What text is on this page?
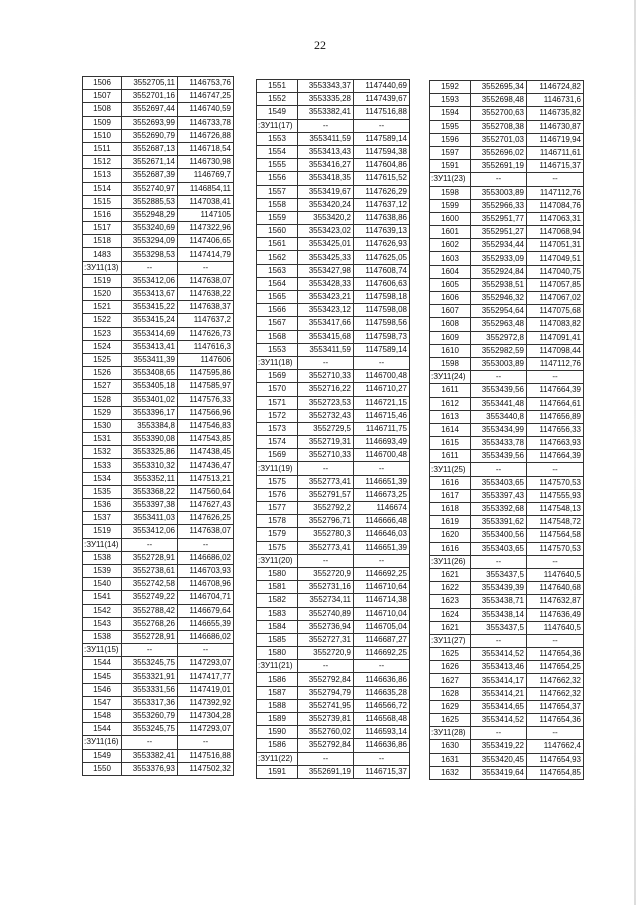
22
1506	3552705,11	1146753,76
1507	3552701,16	1146747,25
1508	3552697,44	1146740,59
1509	3552693,99	1146733,78
1510	3552690,79	1146726,88
1511	3552687,13	1146718,54
1512	3552671,14	1146730,98
1513	3552687,39	1146769,7
1514	3552740,97	1146854,11
1515	3552885,53	1147038,41
1516	3552948,29	1147105
1517	3553240,69	1147322,96
1518	3553294,09	1147406,65
1483	3553298,53	1147414,79
:ЗУ11(13)	--	--
1519	3553412,06	1147638,07
1520	3553413,67	1147638,22
1521	3553415,22	1147638,37
1522	3553415,24	1147637,2
1523	3553414,69	1147626,73
1524	3553413,41	1147616,3
1525	3553411,39	1147606
1526	3553408,65	1147595,86
1527	3553405,18	1147585,97
1528	3553401,02	1147576,33
1529	3553396,17	1147566,96
1530	3553384,8	1147546,83
1531	3553390,08	1147543,85
1532	3553325,86	1147438,45
1533	3553310,32	1147436,47
1534	3553352,11	1147513,21
1535	3553368,22	1147560,64
1536	3553397,38	1147627,43
1537	3553411,03	1147626,25
1519	3553412,06	1147638,07
:ЗУ11(14)	--	--
1538	3552728,91	1146686,02
1539	3552738,61	1146703,93
1540	3552742,58	1146708,96
1541	3552749,22	1146704,71
1542	3552788,42	1146679,64
1543	3552768,26	1146655,39
1538	3552728,91	1146686,02
:ЗУ11(15)	--	--
1544	3553245,75	1147293,07
1545	3553321,91	1147417,77
1546	3553331,56	1147419,01
1547	3553317,36	1147392,92
1548	3553260,79	1147304,28
1544	3553245,75	1147293,07
:ЗУ11(16)	--	--
1549	3553382,41	1147516,88
1550	3553376,93	1147502,32
1551	3553343,37	1147440,69
1552	3553335,28	1147439,67
1549	3553382,41	1147516,88
:ЗУ11(17)	--	--
1553	3553411,59	1147589,14
1554	3553413,43	1147594,38
1555	3553416,27	1147604,86
1556	3553418,35	1147615,52
1557	3553419,67	1147626,29
1558	3553420,24	1147637,12
1559	3553420,2	1147638,86
1560	3553423,02	1147639,13
1561	3553425,01	1147626,93
1562	3553425,33	1147625,05
1563	3553427,98	1147608,74
1564	3553428,33	1147606,63
1565	3553423,21	1147598,18
1566	3553423,12	1147598,08
1567	3553417,66	1147598,56
1568	3553415,68	1147598,73
1553	3553411,59	1147589,14
:ЗУ11(18)	--	--
1569	3552710,33	1146700,48
1570	3552716,22	1146710,27
1571	3552723,53	1146721,15
1572	3552732,43	1146715,46
1573	3552729,5	1146711,75
1574	3552719,31	1146693,49
1569	3552710,33	1146700,48
:ЗУ11(19)	--	--
1575	3552773,41	1146651,39
1576	3552791,57	1146673,25
1577	3552792,2	1146674
1578	3552796,71	1146666,48
1579	3552780,3	1146646,03
1575	3552773,41	1146651,39
:ЗУ11(20)	--	--
1580	3552720,9	1146692,25
1581	3552731,16	1146710,64
1582	3552734,11	1146714,38
1583	3552740,89	1146710,04
1584	3552736,94	1146705,04
1585	3552727,31	1146687,27
1580	3552720,9	1146692,25
:ЗУ11(21)	--	--
1586	3552792,84	1146636,86
1587	3552794,79	1146635,28
1588	3552741,95	1146566,72
1589	3552739,81	1146568,48
1590	3552760,02	1146593,14
1586	3552792,84	1146636,86
:ЗУ11(22)	--	--
1591	3552691,19	1146715,37
1592	3552695,34	1146724,82
1593	3552698,48	1146731,6
1594	3552700,63	1146735,82
1595	3552708,38	1146730,87
1596	3552701,03	1146719,94
1597	3552696,02	1146711,61
1591	3552691,19	1146715,37
:ЗУ11(23)	--	--
1598	3553003,89	1147112,76
1599	3552966,33	1147084,76
1600	3552951,77	1147063,31
1601	3552951,27	1147068,94
1602	3552934,44	1147051,31
1603	3552933,09	1147049,51
1604	3552924,84	1147040,75
1605	3552938,51	1147057,85
1606	3552946,32	1147067,02
1607	3552954,64	1147075,68
1608	3552963,48	1147083,82
1609	3552972,8	1147091,41
1610	3552982,59	1147098,44
1598	3553003,89	1147112,76
:ЗУ11(24)	--	--
1611	3553439,56	1147664,39
1612	3553441,48	1147664,61
1613	3553440,8	1147656,89
1614	3553434,99	1147656,33
1615	3553433,78	1147663,93
1611	3553439,56	1147664,39
:ЗУ11(25)	--	--
1616	3553403,65	1147570,53
1617	3553397,43	1147555,93
1618	3553392,68	1147548,13
1619	3553391,62	1147548,72
1620	3553400,56	1147564,58
1616	3553403,65	1147570,53
:ЗУ11(26)	--	--
1621	3553437,5	1147640,5
1622	3553439,39	1147640,68
1623	3553438,71	1147632,87
1624	3553438,14	1147636,49
1621	3553437,5	1147640,5
:ЗУ11(27)	--	--
1625	3553414,52	1147654,36
1626	3553413,46	1147654,25
1627	3553414,17	1147662,32
1628	3553414,21	1147662,32
1629	3553414,65	1147654,37
1625	3553414,52	1147654,36
:ЗУ11(28)	--	--
1630	3553419,22	1147662,4
1631	3553420,45	1147654,93
1632	3553419,64	1147654,85
